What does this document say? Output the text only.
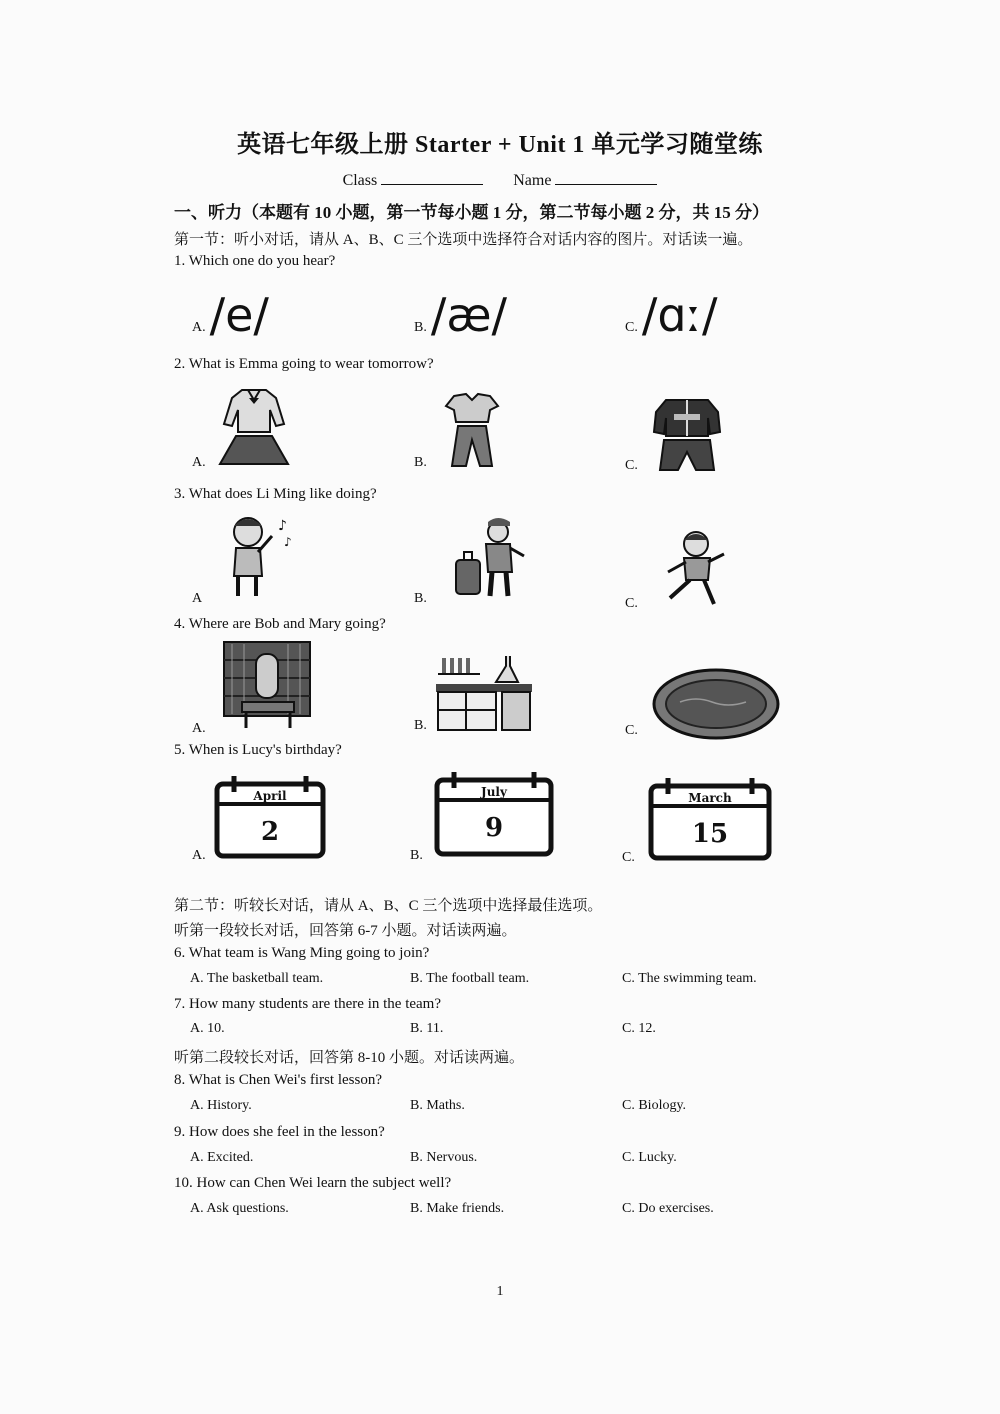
英语七年级上册 Starter + Unit 1 单元学习随堂练
Class	Name
一、听力（本题有 10 小题，第一节每小题 1 分，第二节每小题 2 分，共 15 分）
第一节：听小对话，请从 A、B、C 三个选项中选择符合对话内容的图片。对话读一遍。
1. Which one do you hear?
A. /e/	B. /æ/	C. /ɑː/
2. What is Emma going to wear tomorrow?
A.	B.	C.
3. What does Li Ming like doing?
A
♪
♪
B.	C.
4. Where are Bob and Mary going?
A.	B.	C.
5. When is Lucy's birthday?
A.
April
2
B.
July
9
C.
March
15
第二节：听较长对话，请从 A、B、C 三个选项中选择最佳选项。
听第一段较长对话，回答第 6-7 小题。对话读两遍。
6. What team is Wang Ming going to join?
A. The basketball team.	B. The football team.	C. The swimming team.
7. How many students are there in the team?
A. 10.	B. 11.	C. 12.
听第二段较长对话，回答第 8-10 小题。对话读两遍。
8. What is Chen Wei's first lesson?
A. History.	B. Maths.	C. Biology.
9. How does she feel in the lesson?
A. Excited.	B. Nervous.	C. Lucky.
10. How can Chen Wei learn the subject well?
A. Ask questions.	B. Make friends.	C. Do exercises.
1
